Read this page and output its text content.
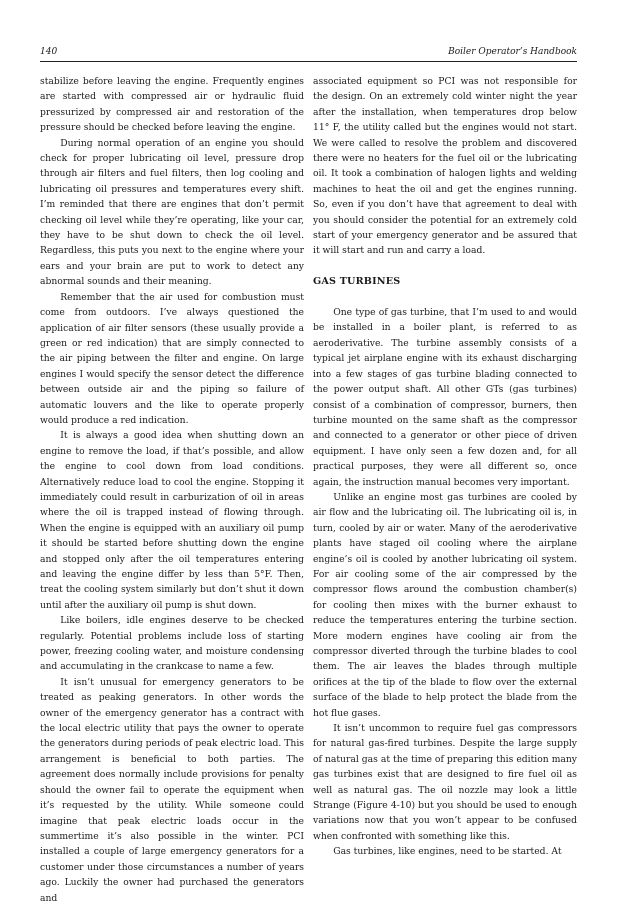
140	Boiler Operator’s Handbook

stabilize before leaving the engine. Frequently engines are started with compressed air or hydraulic fluid pressurized by compressed air and restoration of the pressure should be checked before leaving the engine.

During normal operation of an engine you should check for proper lubricating oil level, pressure drop through air filters and fuel filters, then log cooling and lubricating oil pressures and temperatures every shift. I’m reminded that there are engines that don’t permit checking oil level while they’re operating, like your car, they have to be shut down to check the oil level. Regardless, this puts you next to the engine where your ears and your brain are put to work to detect any abnormal sounds and their meaning.

Remember that the air used for combustion must come from outdoors. I’ve always questioned the application of air filter sensors (these usually provide a green or red indication) that are simply connected to the air piping between the filter and engine. On large engines I would specify the sensor detect the difference between outside air and the piping so failure of automatic louvers and the like to operate properly would produce a red indication.

It is always a good idea when shutting down an engine to remove the load, if that’s possible, and allow the engine to cool down from load conditions. Alternatively reduce load to cool the engine. Stopping it immediately could result in carburization of oil in areas where the oil is trapped instead of flowing through. When the engine is equipped with an auxiliary oil pump it should be started before shutting down the engine and stopped only after the oil temperatures entering and leaving the engine differ by less than 5°F. Then, treat the cooling system similarly but don’t shut it down until after the auxiliary oil pump is shut down.

Like boilers, idle engines deserve to be checked regularly. Potential problems include loss of starting power, freezing cooling water, and moisture condensing and accumulating in the crankcase to name a few.

It isn’t unusual for emergency generators to be treated as peaking generators. In other words the owner of the emergency generator has a contract with the local electric utility that pays the owner to operate the generators during periods of peak electric load. This arrangement is beneficial to both parties. The agreement does normally include provisions for penalty should the owner fail to operate the equipment when it’s requested by the utility. While someone could imagine that peak electric loads occur in the summertime it’s also possible in the winter. PCI installed a couple of large emergency generators for a customer under those circumstances a number of years ago. Luckily the owner had purchased the generators and

associated equipment so PCI was not responsible for the design. On an extremely cold winter night the year after the installation, when temperatures drop below 11° F, the utility called but the engines would not start. We were called to resolve the problem and discovered there were no heaters for the fuel oil or the lubricating oil. It took a combination of halogen lights and welding machines to heat the oil and get the engines running. So, even if you don’t have that agreement to deal with you should consider the potential for an extremely cold start of your emergency generator and be assured that it will start and run and carry a load.

GAS TURBINES

One type of gas turbine, that I’m used to and would be installed in a boiler plant, is referred to as aeroderivative. The turbine assembly consists of a typical jet airplane engine with its exhaust discharging into a few stages of gas turbine blading connected to the power output shaft. All other GTs (gas turbines) consist of a combination of compressor, burners, then turbine mounted on the same shaft as the compressor and connected to a generator or other piece of driven equipment. I have only seen a few dozen and, for all practical purposes, they were all different so, once again, the instruction manual becomes very important.

Unlike an engine most gas turbines are cooled by air flow and the lubricating oil. The lubricating oil is, in turn, cooled by air or water. Many of the aeroderivative plants have staged oil cooling where the airplane engine’s oil is cooled by another lubricating oil system. For air cooling some of the air compressed by the compressor flows around the combustion chamber(s) for cooling then mixes with the burner exhaust to reduce the temperatures entering the turbine section. More modern engines have cooling air from the compressor diverted through the turbine blades to cool them. The air leaves the blades through multiple orifices at the tip of the blade to flow over the external surface of the blade to help protect the blade from the hot flue gases.

It isn’t uncommon to require fuel gas compressors for natural gas-fired turbines. Despite the large supply of natural gas at the time of preparing this edition many gas turbines exist that are designed to fire fuel oil as well as natural gas. The oil nozzle may look a little Strange (Figure 4-10) but you should be used to enough variations now that you won’t appear to be confused when confronted with something like this.

Gas turbines, like engines, need to be started. At
